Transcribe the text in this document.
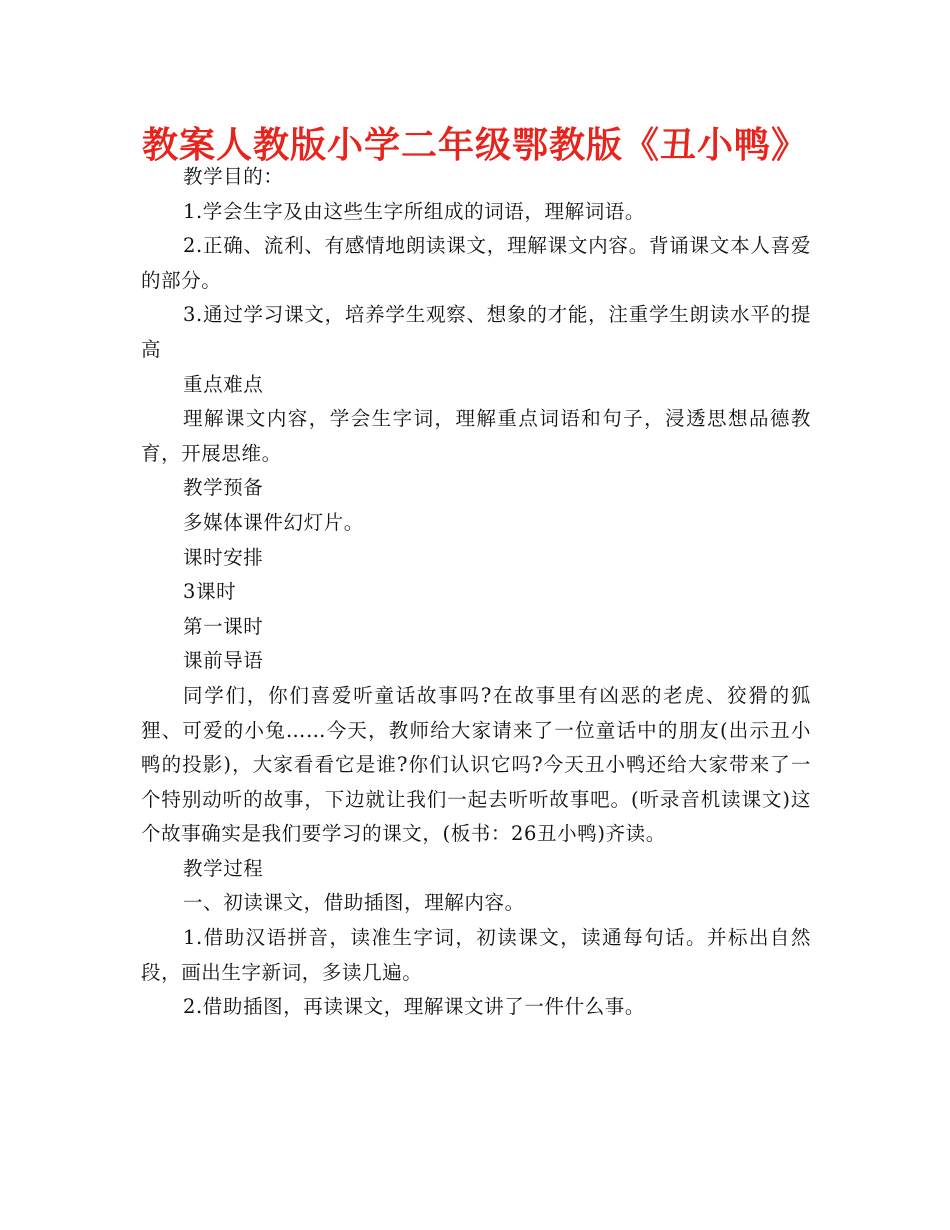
教案人教版小学二年级鄂教版《丑小鸭》

教学目的：

1.学会生字及由这些生字所组成的词语，理解词语。

2.正确、流利、有感情地朗读课文，理解课文内容。背诵课文本人喜爱的部分。

3.通过学习课文，培养学生观察、想象的才能，注重学生朗读水平的提高

重点难点

理解课文内容，学会生字词，理解重点词语和句子，浸透思想品德教育，开展思维。

教学预备

多媒体课件幻灯片。

课时安排

3课时

第一课时

课前导语

同学们，你们喜爱听童话故事吗?在故事里有凶恶的老虎、狡猾的狐狸、可爱的小兔……今天，教师给大家请来了一位童话中的朋友(出示丑小鸭的投影)，大家看看它是谁?你们认识它吗?今天丑小鸭还给大家带来了一个特别动听的故事，下边就让我们一起去听听故事吧。(听录音机读课文)这个故事确实是我们要学习的课文，(板书：26丑小鸭)齐读。

教学过程

一、初读课文，借助插图，理解内容。

1.借助汉语拼音，读准生字词，初读课文，读通每句话。并标出自然段，画出生字新词，多读几遍。

2.借助插图，再读课文，理解课文讲了一件什么事。
